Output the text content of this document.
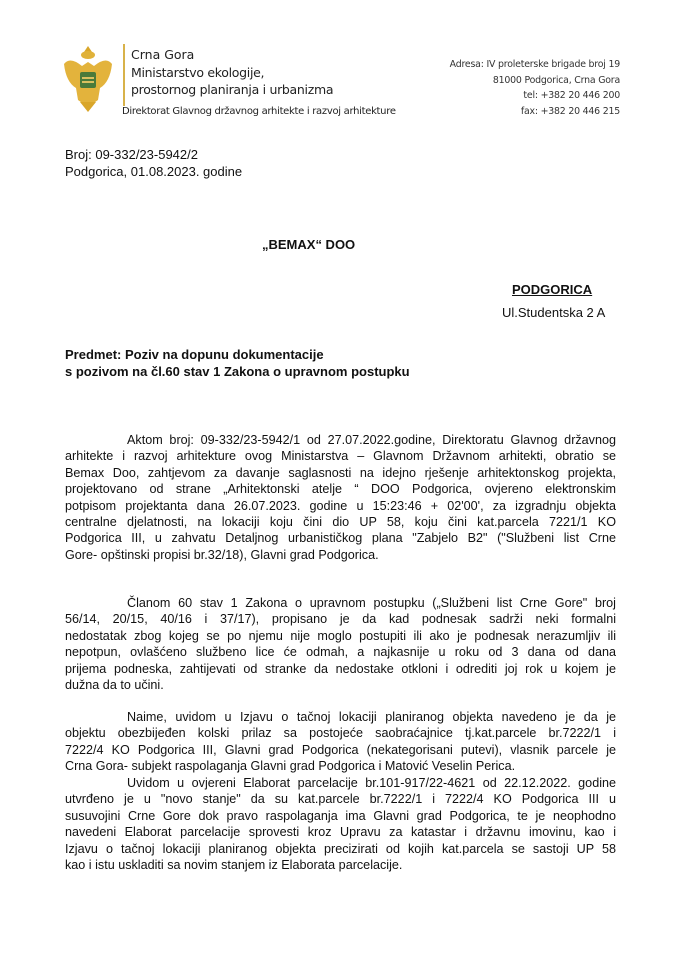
Crna Gora
Ministarstvo ekologije,
prostornog planiranja i urbanizma
Direktorat Glavnog državnog arhitekte i razvoj arhitekture
Adresa: IV proleterske brigade broj 19
81000 Podgorica, Crna Gora
tel: +382 20 446 200
fax: +382 20 446 215
Broj: 09-332/23-5942/2
Podgorica, 01.08.2023. godine
„BEMAX“ DOO
PODGORICA
Ul.Studentska 2 A
Predmet: Poziv na dopunu dokumentacije
s pozivom na čl.60 stav 1 Zakona o upravnom postupku
Aktom broj: 09-332/23-5942/1 od 27.07.2022.godine, Direktoratu Glavnog državnog
arhitekte i razvoj arhitekture ovog Ministarstva – Glavnom Državnom arhitekti, obratio se
Bemax Doo, zahtjevom za davanje saglasnosti na idejno rješenje arhitektonskog projekta,
projektovano od strane „Arhitektonski atelje “ DOO Podgorica, ovjereno elektronskim
potpisom projektanta dana 26.07.2023. godine u 15:23:46 + 02'00', za izgradnju objekta
centralne djelatnosti, na lokaciji koju čini dio UP 58, koju čini kat.parcela 7221/1 KO
Podgorica III, u zahvatu Detaljnog urbanističkog plana "Zabjelo B2" ("Službeni list Crne
Gore- opštinski propisi br.32/18), Glavni grad Podgorica.
Članom 60 stav 1 Zakona o upravnom postupku („Službeni list Crne Gore" broj
56/14, 20/15, 40/16 i 37/17), propisano je da kad podnesak sadrži neki formalni
nedostatak zbog kojeg se po njemu nije moglo postupiti ili ako je podnesak nerazumljiv ili
nepotpun, ovlašćeno službeno lice će odmah, a najkasnije u roku od 3 dana od dana
prijema podneska, zahtijevati od stranke da nedostake otkloni i odrediti joj rok u kojem je
dužna da to učini.
Naime, uvidom u Izjavu o tačnoj lokaciji planiranog objekta navedeno je da je
objektu obezbijeđen kolski prilaz sa postojeće saobraćajnice tj.kat.parcele br.7222/1 i
7222/4 KO Podgorica III, Glavni grad Podgorica (nekategorisani putevi), vlasnik parcele je
Crna Gora- subjekt raspolaganja Glavni grad Podgorica i Matović Veselin Perica.
Uvidom u ovjereni Elaborat parcelacije br.101-917/22-4621 od 22.12.2022. godine
utvrđeno je u "novo stanje" da su kat.parcele br.7222/1 i 7222/4 KO Podgorica III u
susuvojini Crne Gore dok pravo raspolaganja ima Glavni grad Podgorica, te je neophodno
navedeni Elaborat parcelacije sprovesti kroz Upravu za katastar i državnu imovinu, kao i
Izjavu o tačnoj lokaciji planiranog objekta precizirati od kojih kat.parcela se sastoji UP 58
kao i istu uskladiti sa novim stanjem iz Elaborata parcelacije.
